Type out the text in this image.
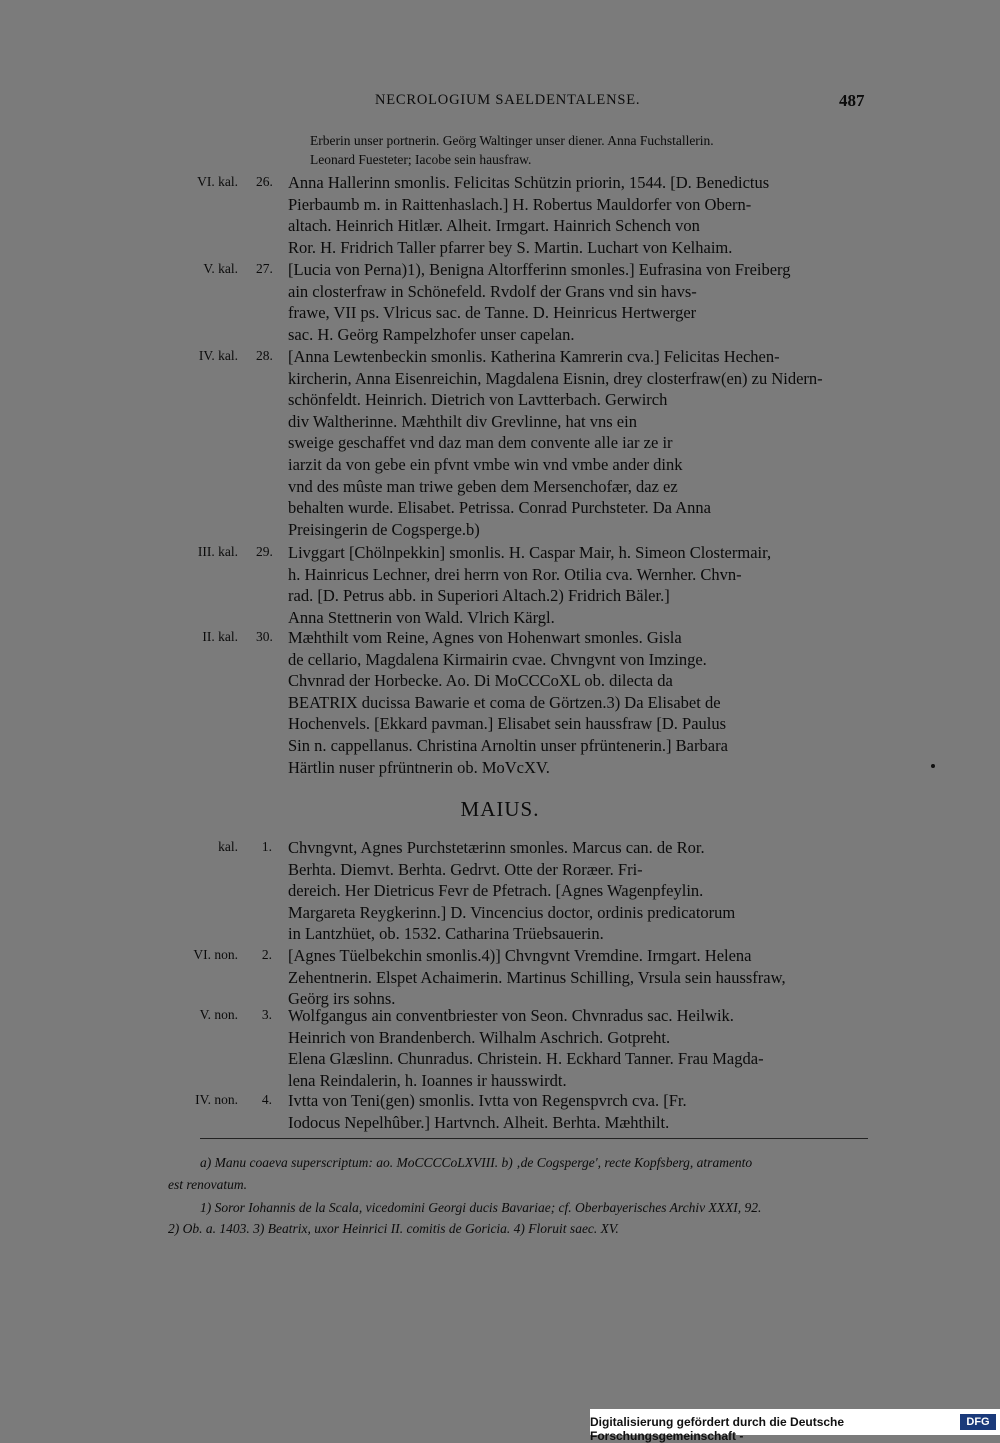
NECROLOGIUM SAELDENTALENSE.	487
Erberin unser portnerin. Geörg Waltinger unser diener. Anna Fuchstallerin.
Leonard Fuesteter; Iacobe sein hausfraw.
VI. kal. 26. Anna Hallerinn smonlis. Felicitas Schützin priorin, 1544. [D. Benedictus
Pierbaumb m. in Raittenhaslach.] H. Robertus Mauldorfer von Obern-
altach. Heinrich Hitlær. Alheit. Irmgart. Hainrich Schench von
Ror. H. Fridrich Taller pfarrer bey S. Martin. Luchart von Kelhaim.
V. kal. 27. [Lucia von Perna)1), Benigna Altorfferinn smonles.] Eufrasina von Freiberg
ain closterfraw in Schönefeld. Rvdolf der Grans vnd sin havs-
frawe, VII ps. Vlricus sac. de Tanne. D. Heinricus Hertwerger
sac. H. Geörg Rampelzhofer unser capelan.
IV. kal. 28. [Anna Lewtenbeckin smonlis. Katherina Kamrerin cva.] Felicitas Hechen-
kircherin, Anna Eisenreichin, Magdalena Eisnin, drey closterfraw(en) zu Nidern-
schönfeldt. Heinrich. Dietrich von Lavtterbach. Gerwirch
div Waltherinne. Mæhthilt div Grevlinne, hat vns ein
sweige geschaffet vnd daz man dem convente alle iar ze ir
iarzit da von gebe ein pfvnt vmbe win vnd vmbe ander dink
vnd des mûste man triwe geben dem Mersenchofær, daz ez
behalten wurde. Elisabet. Petrissa. Conrad Purchsteter. Da Anna
Preisingerin de Cogsperge.b)
III. kal. 29. Livggart [Chölnpekkin] smonlis. H. Caspar Mair, h. Simeon Clostermair,
h. Hainricus Lechner, drei herrn von Ror. Otilia cva. Wernher. Chvn-
rad. [D. Petrus abb. in Superiori Altach.2) Fridrich Bäler.]
Anna Stettnerin von Wald. Vlrich Kärgl.
II. kal. 30. Mæhthilt vom Reine, Agnes von Hohenwart smonles. Gisla
de cellario, Magdalena Kirmairin cvae. Chvngvnt von Imzinge.
Chvnrad der Horbecke. Ao. Di MoCCCoXL ob. dilecta da
BEATRIX ducissa Bawarie et coma de Görtzen.3) Da Elisabet de
Hochenvels. [Ekkard pavman.] Elisabet sein haussfraw [D. Paulus
Sin n. cappellanus. Christina Arnoltin unser pfrüntenerin.] Barbara
Härtlin nuser pfrüntnerin ob. MoVcXV.
MAIUS.
kal.	1. Chvngvnt, Agnes Purchstetærinn smonles. Marcus can. de Ror.
Berhta. Diemvt. Berhta. Gedrvt. Otte der Roræer. Fri-
dereich. Her Dietricus Fevr de Pfetrach. [Agnes Wagenpfeylin.
Margareta Reygkerinn.] D. Vincencius doctor, ordinis predicatorum
in Lantzhüet, ob. 1532. Catharina Trüebsauerin.
VI. non.	2. [Agnes Tüelbekchin smonlis.4)] Chvngvnt Vremdine. Irmgart. Helena
Zehentnerin. Elspet Achaimerin. Martinus Schilling, Vrsula sein haussfraw,
Geörg irs sohns.
V. non.	3. Wolfgangus ain conventbriester von Seon. Chvnradus sac. Heilwik.
Heinrich von Brandenberch. Wilhalm Aschrich. Gotpreht.
Elena Glæslinn. Chunradus. Christein. H. Eckhard Tanner. Frau Magda-
lena Reindalerin, h. Ioannes ir hausswirdt.
IV. non.	4. Ivtta von Teni(gen) smonlis. Ivtta von Regenspvrch cva. [Fr.
Iodocus Nepelhûber.] Hartvnch. Alheit. Berhta. Mæhthilt.
a) Manu coaeva superscriptum: ao. MoCCCCoLXVIII. b) ‚de Cogsperge', recte Kopfsberg, atramento
est renovatum.
1) Soror Iohannis de la Scala, vicedomini Georgi ducis Bavariae; cf. Oberbayerisches Archiv XXXI, 92.
2) Ob. a. 1403. 3) Beatrix, uxor Heinrici II. comitis de Goricia. 4) Floruit saec. XV.
Digitalisierung gefördert durch die Deutsche Forschungsgemeinschaft -
DFG
